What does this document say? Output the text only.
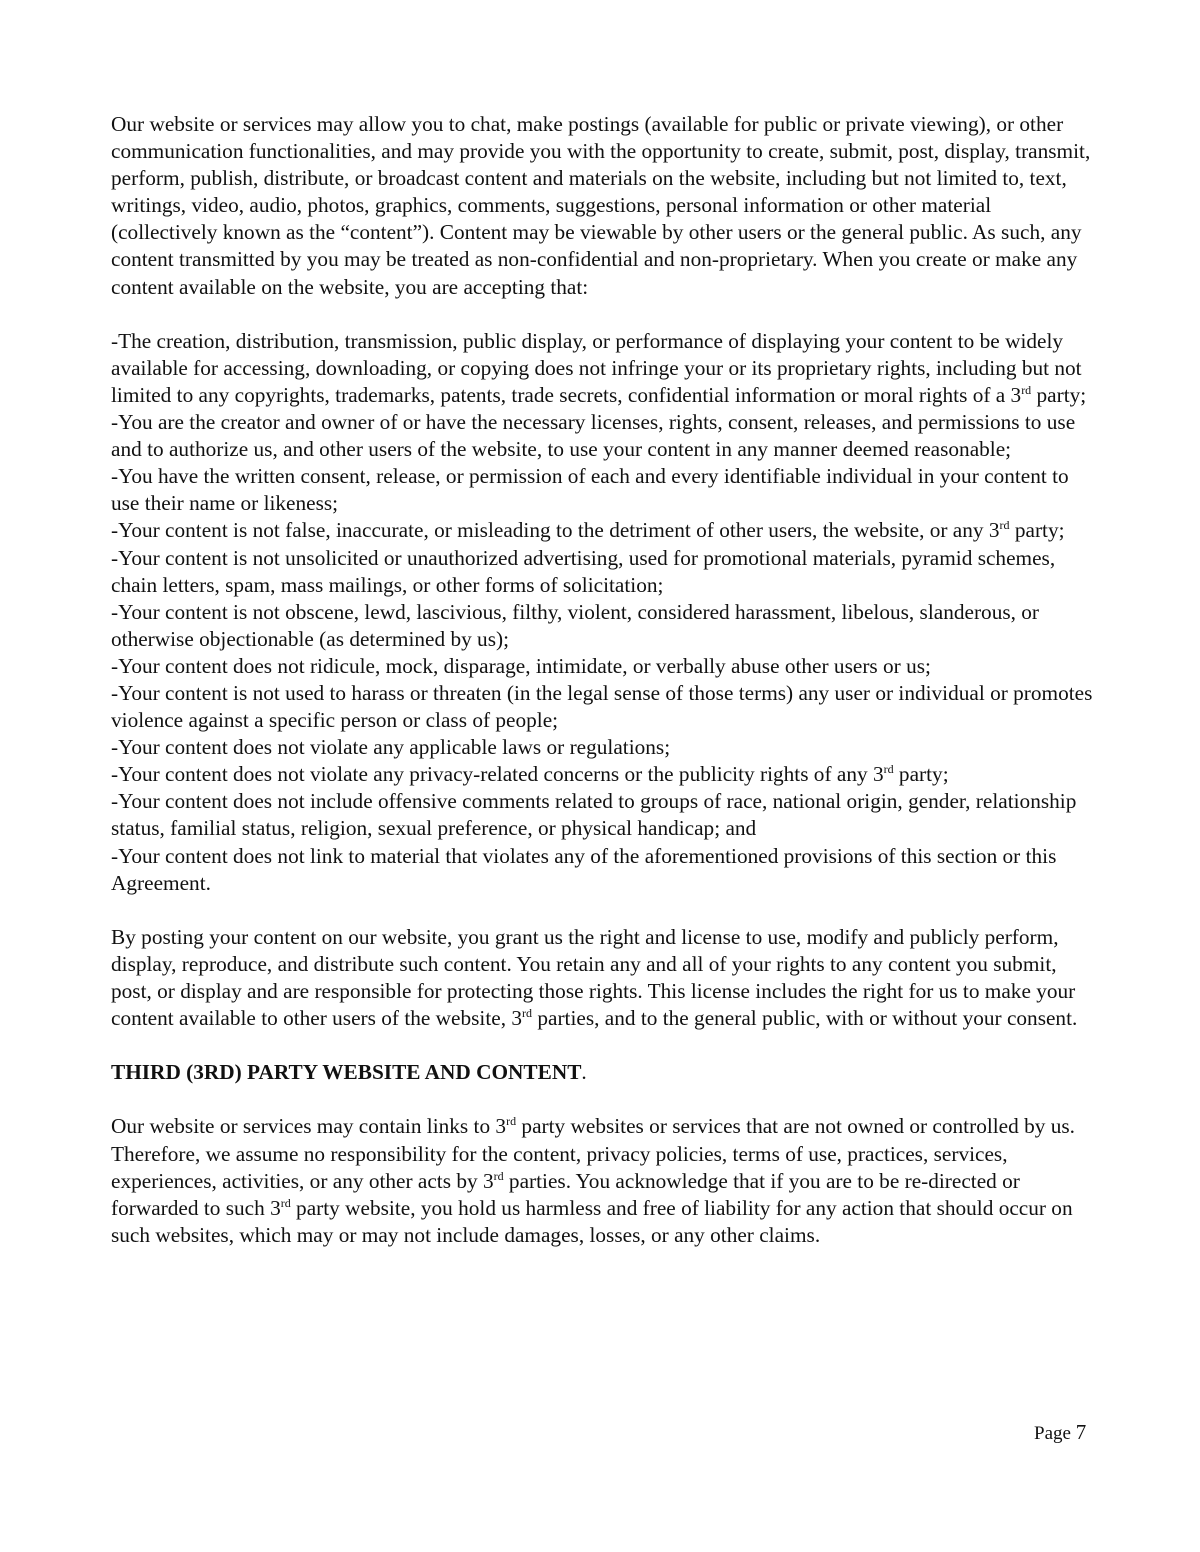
Our website or services may allow you to chat, make postings (available for public or private viewing), or other communication functionalities, and may provide you with the opportunity to create, submit, post, display, transmit, perform, publish, distribute, or broadcast content and materials on the website, including but not limited to, text, writings, video, audio, photos, graphics, comments, suggestions, personal information or other material (collectively known as the “content”). Content may be viewable by other users or the general public. As such, any content transmitted by you may be treated as non-confidential and non-proprietary. When you create or make any content available on the website, you are accepting that:

-The creation, distribution, transmission, public display, or performance of displaying your content to be widely available for accessing, downloading, or copying does not infringe your or its proprietary rights, including but not limited to any copyrights, trademarks, patents, trade secrets, confidential information or moral rights of a 3rd party;

-You are the creator and owner of or have the necessary licenses, rights, consent, releases, and permissions to use and to authorize us, and other users of the website, to use your content in any manner deemed reasonable;

-You have the written consent, release, or permission of each and every identifiable individual in your content to use their name or likeness;

-Your content is not false, inaccurate, or misleading to the detriment of other users, the website, or any 3rd party;

-Your content is not unsolicited or unauthorized advertising, used for promotional materials, pyramid schemes, chain letters, spam, mass mailings, or other forms of solicitation;

-Your content is not obscene, lewd, lascivious, filthy, violent, considered harassment, libelous, slanderous, or otherwise objectionable (as determined by us);

-Your content does not ridicule, mock, disparage, intimidate, or verbally abuse other users or us;

-Your content is not used to harass or threaten (in the legal sense of those terms) any user or individual or promotes violence against a specific person or class of people;

-Your content does not violate any applicable laws or regulations;

-Your content does not violate any privacy-related concerns or the publicity rights of any 3rd party;

-Your content does not include offensive comments related to groups of race, national origin, gender, relationship status, familial status, religion, sexual preference, or physical handicap; and

-Your content does not link to material that violates any of the aforementioned provisions of this section or this Agreement.

By posting your content on our website, you grant us the right and license to use, modify and publicly perform, display, reproduce, and distribute such content. You retain any and all of your rights to any content you submit, post, or display and are responsible for protecting those rights. This license includes the right for us to make your content available to other users of the website, 3rd parties, and to the general public, with or without your consent.

THIRD (3RD) PARTY WEBSITE AND CONTENT.

Our website or services may contain links to 3rd party websites or services that are not owned or controlled by us. Therefore, we assume no responsibility for the content, privacy policies, terms of use, practices, services, experiences, activities, or any other acts by 3rd parties. You acknowledge that if you are to be re-directed or forwarded to such 3rd party website, you hold us harmless and free of liability for any action that should occur on such websites, which may or may not include damages, losses, or any other claims.

Page 7
